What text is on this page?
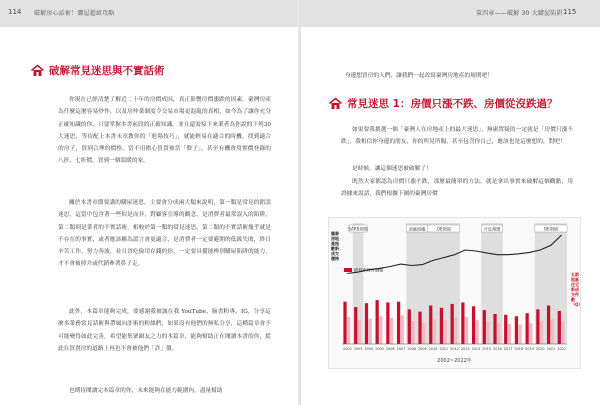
114 破解房心話術！購屋超級攻略
破解常見迷思與不實話術

你現在已經清楚了解近二十年的房價成因，真正影響房價漲跌的因素。臺灣房產為什麼這麼容易炒作，以及房仲業制度令交易市場更混亂的真相，如今為了讓你充分正確知識的你，只要掌握本書前段的正確知識，並且還需接下來業者為你說的下列30大迷思，等待配上本書未章教你的「進場技巧」，就能輕易在適合的時機，找到適合的房子，買到合理的價格，當不用擔心買貴被當「盤子」，甚至有機會用實價登錄的八折、七折價，買到一個溫暖的家。

關於本書章節要講的購屋迷思，主要會分成兩大類來說明，第一類是常見的錯誤迷思，這當中包含著一些似是而非，對顧客引導的觀念，是消費者最常誤入的陷阱，第二類則是業者的不實話術，相較於第一類的常見迷思，第二類的不實話術幾乎就是不存在的事實，或者應該稱為謊言會更適合，是消費者一定要避開的低級失敗，終日辛苦工作，努力奔波，並且省吃儉用存錢的你，一定要具備能辨別購屋陷阱的能力，才不會被掉介或代銷牽著鼻子走。

此外，本篇章能夠完成，要感謝我被誠在我 YouTube、臉書粉專、IG，分享這麼多業務常見話術與帶風向詐術的粉絲們，如果沒有他們的無私分享，這種篇章會不可能變得如此完善，希望能集眾網友之力的本篇章，能夠幫助正在閱讀本書的你，從此在買賣房的道路上再也不會被他們「詐」僵。

也期待閱讀完本篇章的你，未來能夠在能力範圍內，盡量幫助

第四章——破解 30 大購屋陷阱 115

身邊想買房的人們，讓我們一起改寫臺灣房地產的規則吧！

常見迷思 1：房價只漲不跌、房價從沒跌過？

如果要我挑選一個「臺灣人在房地產上的最大迷思」，無庸置疑的一定就是「房價只漲不跌」，我相信你身邊的朋友、你的所見所聞，甚至包含你自己，應該也是這麼想的，對吧！

是時候，讓這個迷思被破解了！

既然大家都認為房價只漲不跌，那麼最簡單的方法，就是拿出事實來破解這個觀點，用證據來說話，我們根據下圖的臺灣房價

SARS期間	金融海嘯	OE期間	升息循環	OE期間
經利率時序調整
2002 2003 2004 2005 2006 2007 2008 2009 2010 2011 2012 2013 2014 2015 2016 2017 2018 2019 2020 2021 2022
國泰房地產指數新成交價格
五都地區住宅新成交件數（Q）
2002~2022年
